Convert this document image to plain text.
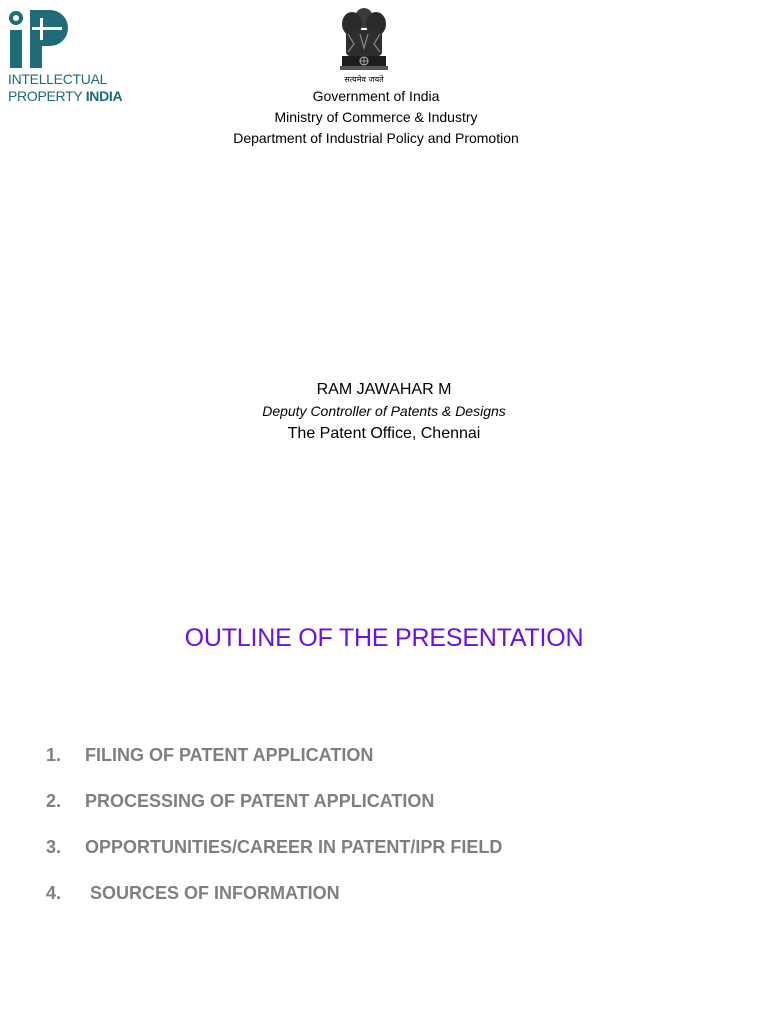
INTELLECTUAL
PROPERTY INDIA
सत्यमेव जयते
Government of India
Ministry of Commerce & Industry
Department of Industrial Policy and Promotion
RAM JAWAHAR M
Deputy Controller of Patents & Designs
The Patent Office, Chennai
OUTLINE OF THE PRESENTATION
1. FILING OF PATENT APPLICATION
2. PROCESSING OF PATENT APPLICATION
3. OPPORTUNITIES/CAREER IN PATENT/IPR FIELD
4. SOURCES OF INFORMATION
